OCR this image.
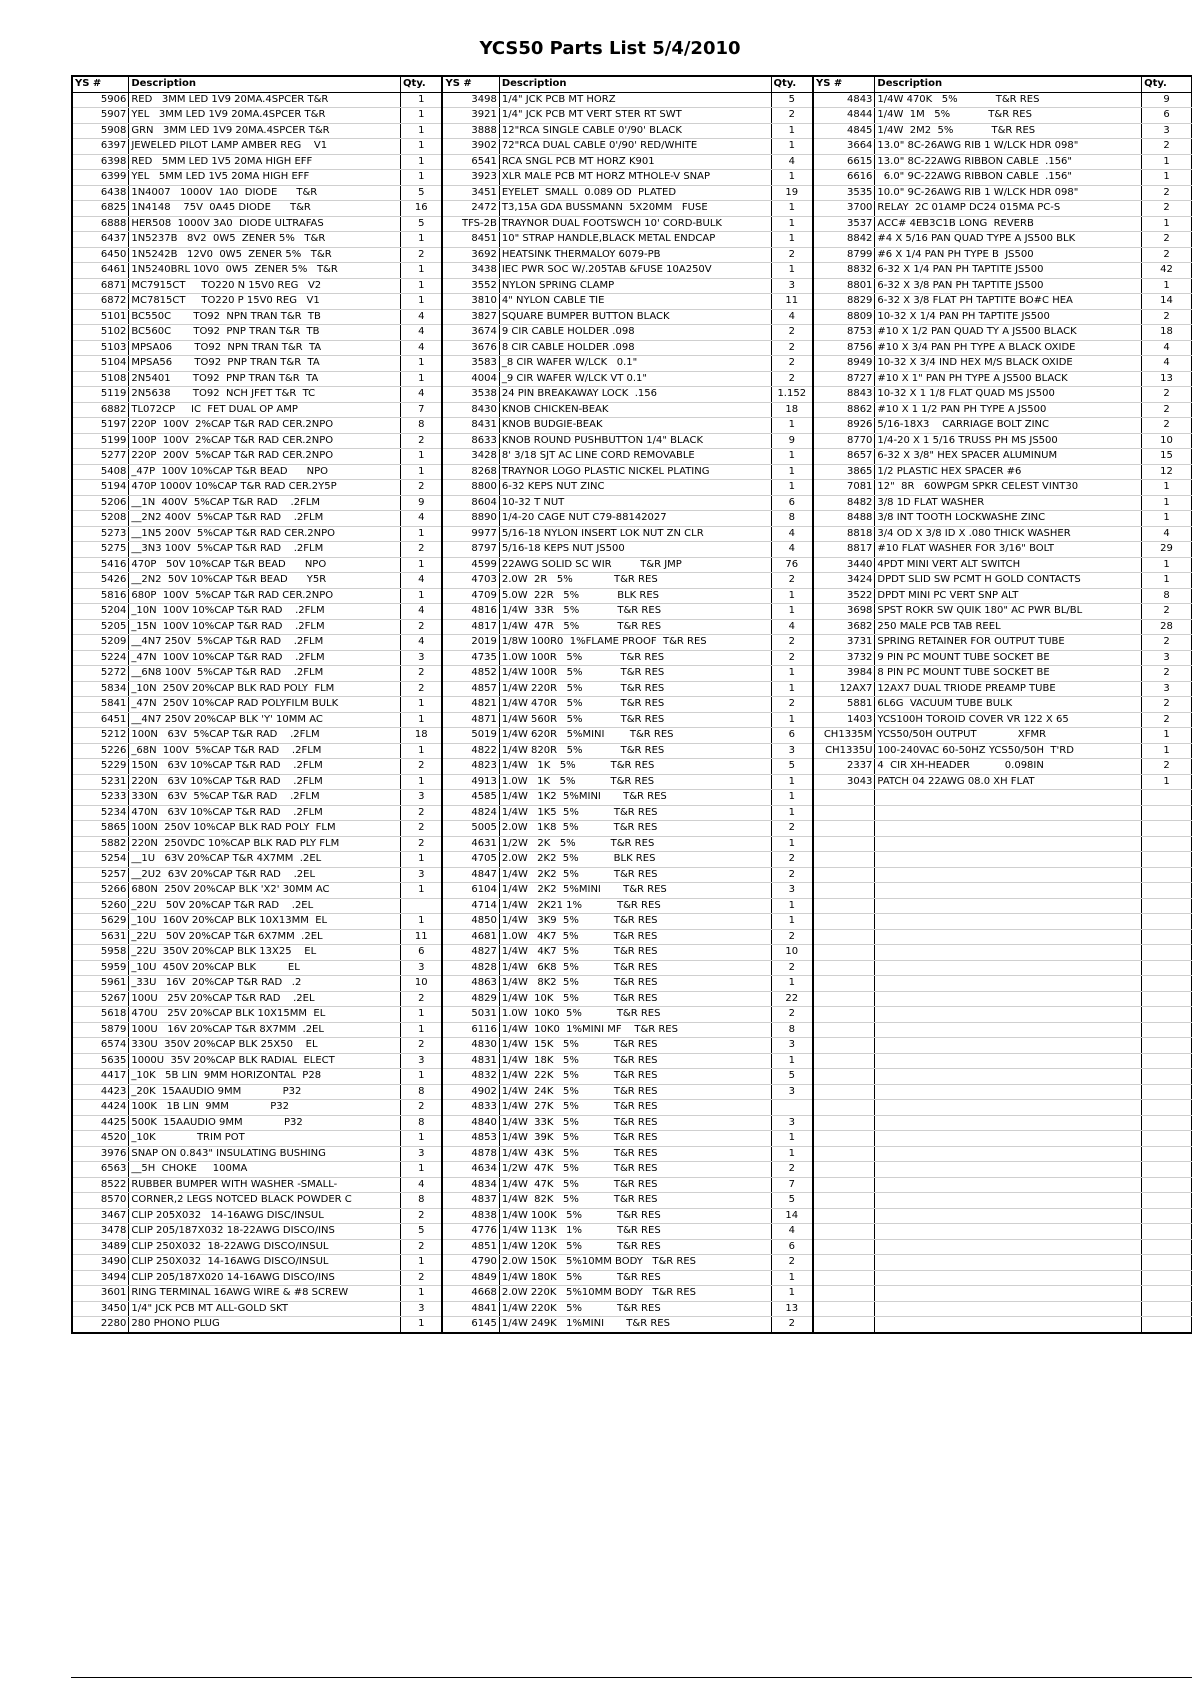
YCS50 Parts List 5/4/2010
YS #	Description	Qty.	YS #	Description	Qty.	YS #	Description	Qty.
5906	RED   3MM LED 1V9 20MA.4SPCER T&R	1	3498	1/4" JCK PCB MT HORZ	5	4843	1/4W 470K   5%            T&R RES	9
5907	YEL   3MM LED 1V9 20MA.4SPCER T&R	1	3921	1/4" JCK PCB MT VERT STER RT SWT	2	4844	1/4W  1M   5%            T&R RES	6
5908	GRN   3MM LED 1V9 20MA.4SPCER T&R	1	3888	12"RCA SINGLE CABLE 0'/90' BLACK	1	4845	1/4W  2M2  5%            T&R RES	3
6397	JEWELED PILOT LAMP AMBER REG    V1	1	3902	72"RCA DUAL CABLE 0'/90' RED/WHITE	1	3664	13.0" 8C-26AWG RIB 1 W/LCK HDR 098"	2
6398	RED   5MM LED 1V5 20MA HIGH EFF	1	6541	RCA SNGL PCB MT HORZ K901	4	6615	13.0" 8C-22AWG RIBBON CABLE  .156"	1
6399	YEL   5MM LED 1V5 20MA HIGH EFF	1	3923	XLR MALE PCB MT HORZ MTHOLE-V SNAP	1	6616	6.0" 9C-22AWG RIBBON CABLE  .156"	1
6438	1N4007   1000V  1A0  DIODE      T&R	5	3451	EYELET  SMALL  0.089 OD  PLATED	19	3535	10.0" 9C-26AWG RIB 1 W/LCK HDR 098"	2
6825	1N4148    75V  0A45 DIODE      T&R	16	2472	T3,15A GDA BUSSMANN  5X20MM   FUSE	1	3700	RELAY  2C 01AMP DC24 015MA PC-S	2
6888	HER508  1000V 3A0  DIODE ULTRAFAS	5	TFS-2B	TRAYNOR DUAL FOOTSWCH 10' CORD-BULK	1	3537	ACC# 4EB3C1B LONG  REVERB	1
6437	1N5237B   8V2  0W5  ZENER 5%   T&R	1	8451	10" STRAP HANDLE,BLACK METAL ENDCAP	1	8842	#4 X 5/16 PAN QUAD TYPE A JS500 BLK	2
6450	1N5242B   12V0  0W5  ZENER 5%   T&R	2	3692	HEATSINK THERMALOY 6079-PB	2	8799	#6 X 1/4 PAN PH TYPE B  JS500	2
6461	1N5240BRL 10V0  0W5  ZENER 5%   T&R	1	3438	IEC PWR SOC W/.205TAB &FUSE 10A250V	1	8832	6-32 X 1/4 PAN PH TAPTITE JS500	42
6871	MC7915CT     TO220 N 15V0 REG   V2	1	3552	NYLON SPRING CLAMP	3	8801	6-32 X 3/8 PAN PH TAPTITE JS500	1
6872	MC7815CT     TO220 P 15V0 REG   V1	1	3810	4" NYLON CABLE TIE	11	8829	6-32 X 3/8 FLAT PH TAPTITE BO#C HEA	14
5101	BC550C       TO92  NPN TRAN T&R  TB	4	3827	SQUARE BUMPER BUTTON BLACK	4	8809	10-32 X 1/4 PAN PH TAPTITE JS500	2
5102	BC560C       TO92  PNP TRAN T&R  TB	4	3674	9 CIR CABLE HOLDER .098	2	8753	#10 X 1/2 PAN QUAD TY A JS500 BLACK	18
5103	MPSA06       TO92  NPN TRAN T&R  TA	4	3676	8 CIR CABLE HOLDER .098	2	8756	#10 X 3/4 PAN PH TYPE A BLACK OXIDE	4
5104	MPSA56       TO92  PNP TRAN T&R  TA	1	3583	_8 CIR WAFER W/LCK   0.1"	2	8949	10-32 X 3/4 IND HEX M/S BLACK OXIDE	4
5108	2N5401       TO92  PNP TRAN T&R  TA	1	4004	_9 CIR WAFER W/LCK VT 0.1"	2	8727	#10 X 1" PAN PH TYPE A JS500 BLACK	13
5119	2N5638       TO92  NCH JFET T&R  TC	4	3538	24 PIN BREAKAWAY LOCK  .156	1.152	8843	10-32 X 1 1/8 FLAT QUAD MS JS500	2
6882	TL072CP     IC  FET DUAL OP AMP	7	8430	KNOB CHICKEN-BEAK	18	8862	#10 X 1 1/2 PAN PH TYPE A JS500	2
5197	220P  100V  2%CAP T&R RAD CER.2NPO	8	8431	KNOB BUDGIE-BEAK	1	8926	5/16-18X3    CARRIAGE BOLT ZINC	2
5199	100P  100V  2%CAP T&R RAD CER.2NPO	2	8633	KNOB ROUND PUSHBUTTON 1/4" BLACK	9	8770	1/4-20 X 1 5/16 TRUSS PH MS JS500	10
5277	220P  200V  5%CAP T&R RAD CER.2NPO	1	3428	8' 3/18 SJT AC LINE CORD REMOVABLE	1	8657	6-32 X 3/8" HEX SPACER ALUMINUM	15
5408	_47P  100V 10%CAP T&R BEAD      NPO	1	8268	TRAYNOR LOGO PLASTIC NICKEL PLATING	1	3865	1/2 PLASTIC HEX SPACER #6	12
5194	470P 1000V 10%CAP T&R RAD CER.2Y5P	2	8800	6-32 KEPS NUT ZINC	1	7081	12"  8R   60WPGM SPKR CELEST VINT30	1
5206	__1N  400V  5%CAP T&R RAD    .2FLM	9	8604	10-32 T NUT	6	8482	3/8 1D FLAT WASHER	1
5208	__2N2 400V  5%CAP T&R RAD    .2FLM	4	8890	1/4-20 CAGE NUT C79-88142027	8	8488	3/8 INT TOOTH LOCKWASHE ZINC	1
5273	__1N5 200V  5%CAP T&R RAD CER.2NPO	1	9977	5/16-18 NYLON INSERT LOK NUT ZN CLR	4	8818	3/4 OD X 3/8 ID X .080 THICK WASHER	4
5275	__3N3 100V  5%CAP T&R RAD    .2FLM	2	8797	5/16-18 KEPS NUT JS500	4	8817	#10 FLAT WASHER FOR 3/16" BOLT	29
5416	470P   50V 10%CAP T&R BEAD      NPO	1	4599	22AWG SOLID SC WIR         T&R JMP	76	3440	4PDT MINI VERT ALT SWITCH	1
5426	__2N2  50V 10%CAP T&R BEAD      Y5R	4	4703	2.0W  2R   5%             T&R RES	2	3424	DPDT SLID SW PCMT H GOLD CONTACTS	1
5816	680P  100V  5%CAP T&R RAD CER.2NPO	1	4709	5.0W  22R   5%            BLK RES	1	3522	DPDT MINI PC VERT SNP ALT	8
5204	_10N  100V 10%CAP T&R RAD    .2FLM	4	4816	1/4W  33R   5%            T&R RES	1	3698	SPST ROKR SW QUIK 180" AC PWR BL/BL	2
5205	_15N  100V 10%CAP T&R RAD    .2FLM	2	4817	1/4W  47R   5%            T&R RES	4	3682	250 MALE PCB TAB REEL	28
5209	__4N7 250V  5%CAP T&R RAD    .2FLM	4	2019	1/8W 100R0  1%FLAME PROOF  T&R RES	2	3731	SPRING RETAINER FOR OUTPUT TUBE	2
5224	_47N  100V 10%CAP T&R RAD    .2FLM	3	4735	1.0W 100R   5%            T&R RES	2	3732	9 PIN PC MOUNT TUBE SOCKET BE	3
5272	__6N8 100V  5%CAP T&R RAD    .2FLM	2	4852	1/4W 100R   5%            T&R RES	1	3984	8 PIN PC MOUNT TUBE SOCKET BE	2
5834	_10N  250V 20%CAP BLK RAD POLY  FLM	2	4857	1/4W 220R   5%            T&R RES	1	12AX7	12AX7 DUAL TRIODE PREAMP TUBE	3
5841	_47N  250V 10%CAP RAD POLYFILM BULK	1	4821	1/4W 470R   5%            T&R RES	2	5881	6L6G  VACUUM TUBE BULK	2
6451	__4N7 250V 20%CAP BLK 'Y' 10MM AC	1	4871	1/4W 560R   5%            T&R RES	1	1403	YCS100H TOROID COVER VR 122 X 65	2
5212	100N   63V  5%CAP T&R RAD    .2FLM	18	5019	1/4W 620R   5%MINI        T&R RES	6	CH1335M	YCS50/50H OUTPUT             XFMR	1
5226	_68N  100V  5%CAP T&R RAD    .2FLM	1	4822	1/4W 820R   5%            T&R RES	3	CH1335U	100-240VAC 60-50HZ YCS50/50H  T'RD	1
5229	150N   63V 10%CAP T&R RAD    .2FLM	2	4823	1/4W   1K   5%           T&R RES	5	2337	4  CIR XH-HEADER           0.098IN	2
5231	220N   63V 10%CAP T&R RAD    .2FLM	1	4913	1.0W   1K   5%           T&R RES	1	3043	PATCH 04 22AWG 08.0 XH FLAT	1
5233	330N   63V  5%CAP T&R RAD    .2FLM	3	4585	1/4W   1K2  5%MINI       T&R RES	1			
5234	470N   63V 10%CAP T&R RAD    .2FLM	2	4824	1/4W   1K5  5%           T&R RES	1			
5865	100N  250V 10%CAP BLK RAD POLY  FLM	2	5005	2.0W   1K8  5%           T&R RES	2			
5882	220N  250VDC 10%CAP BLK RAD PLY FLM	2	4631	1/2W   2K   5%           T&R RES	1			
5254	__1U   63V 20%CAP T&R 4X7MM  .2EL	1	4705	2.0W   2K2  5%           BLK RES	2			
5257	__2U2  63V 20%CAP T&R RAD    .2EL	3	4847	1/4W   2K2  5%           T&R RES	2			
5266	680N  250V 20%CAP BLK 'X2' 30MM AC	1	6104	1/4W   2K2  5%MINI       T&R RES	3			
5260	_22U   50V 20%CAP T&R RAD    .2EL		4714	1/4W   2K21 1%           T&R RES	1			
5629	_10U  160V 20%CAP BLK 10X13MM  EL	1	4850	1/4W   3K9  5%           T&R RES	1			
5631	_22U   50V 20%CAP T&R 6X7MM  .2EL	11	4681	1.0W   4K7  5%           T&R RES	2			
5958	_22U  350V 20%CAP BLK 13X25    EL	6	4827	1/4W   4K7  5%           T&R RES	10			
5959	_10U  450V 20%CAP BLK          EL	3	4828	1/4W   6K8  5%           T&R RES	2			
5961	_33U   16V  20%CAP T&R RAD   .2	10	4863	1/4W   8K2  5%           T&R RES	1			
5267	100U   25V 20%CAP T&R RAD    .2EL	2	4829	1/4W  10K   5%           T&R RES	22			
5618	470U   25V 20%CAP BLK 10X15MM  EL	1	5031	1.0W  10K0  5%           T&R RES	2			
5879	100U   16V 20%CAP T&R 8X7MM  .2EL	1	6116	1/4W  10K0  1%MINI MF    T&R RES	8			
6574	330U  350V 20%CAP BLK 25X50    EL	2	4830	1/4W  15K   5%           T&R RES	3			
5635	1000U  35V 20%CAP BLK RADIAL  ELECT	3	4831	1/4W  18K   5%           T&R RES	1			
4417	_10K   5B LIN  9MM HORIZONTAL  P28	1	4832	1/4W  22K   5%           T&R RES	5			
4423	_20K  15AAUDIO 9MM             P32	8	4902	1/4W  24K   5%           T&R RES	3			
4424	100K   1B LIN  9MM             P32	2	4833	1/4W  27K   5%           T&R RES				
4425	500K  15AAUDIO 9MM             P32	8	4840	1/4W  33K   5%           T&R RES	3			
4520	_10K             TRIM POT	1	4853	1/4W  39K   5%           T&R RES	1			
3976	SNAP ON 0.843" INSULATING BUSHING	3	4878	1/4W  43K   5%           T&R RES	1			
6563	__5H  CHOKE     100MA	1	4634	1/2W  47K   5%           T&R RES	2			
8522	RUBBER BUMPER WITH WASHER -SMALL-	4	4834	1/4W  47K   5%           T&R RES	7			
8570	CORNER,2 LEGS NOTCED BLACK POWDER C	8	4837	1/4W  82K   5%           T&R RES	5			
3467	CLIP 205X032   14-16AWG DISC/INSUL	2	4838	1/4W 100K   5%           T&R RES	14			
3478	CLIP 205/187X032 18-22AWG DISCO/INS	5	4776	1/4W 113K   1%           T&R RES	4			
3489	CLIP 250X032  18-22AWG DISCO/INSUL	2	4851	1/4W 120K   5%           T&R RES	6			
3490	CLIP 250X032  14-16AWG DISCO/INSUL	1	4790	2.0W 150K   5%10MM BODY   T&R RES	2			
3494	CLIP 205/187X020 14-16AWG DISCO/INS	2	4849	1/4W 180K   5%           T&R RES	1			
3601	RING TERMINAL 16AWG WIRE & #8 SCREW	1	4668	2.0W 220K   5%10MM BODY   T&R RES	1			
3450	1/4" JCK PCB MT ALL-GOLD SKT	3	4841	1/4W 220K   5%           T&R RES	13			
2280	280 PHONO PLUG	1	6145	1/4W 249K   1%MINI       T&R RES	2			
